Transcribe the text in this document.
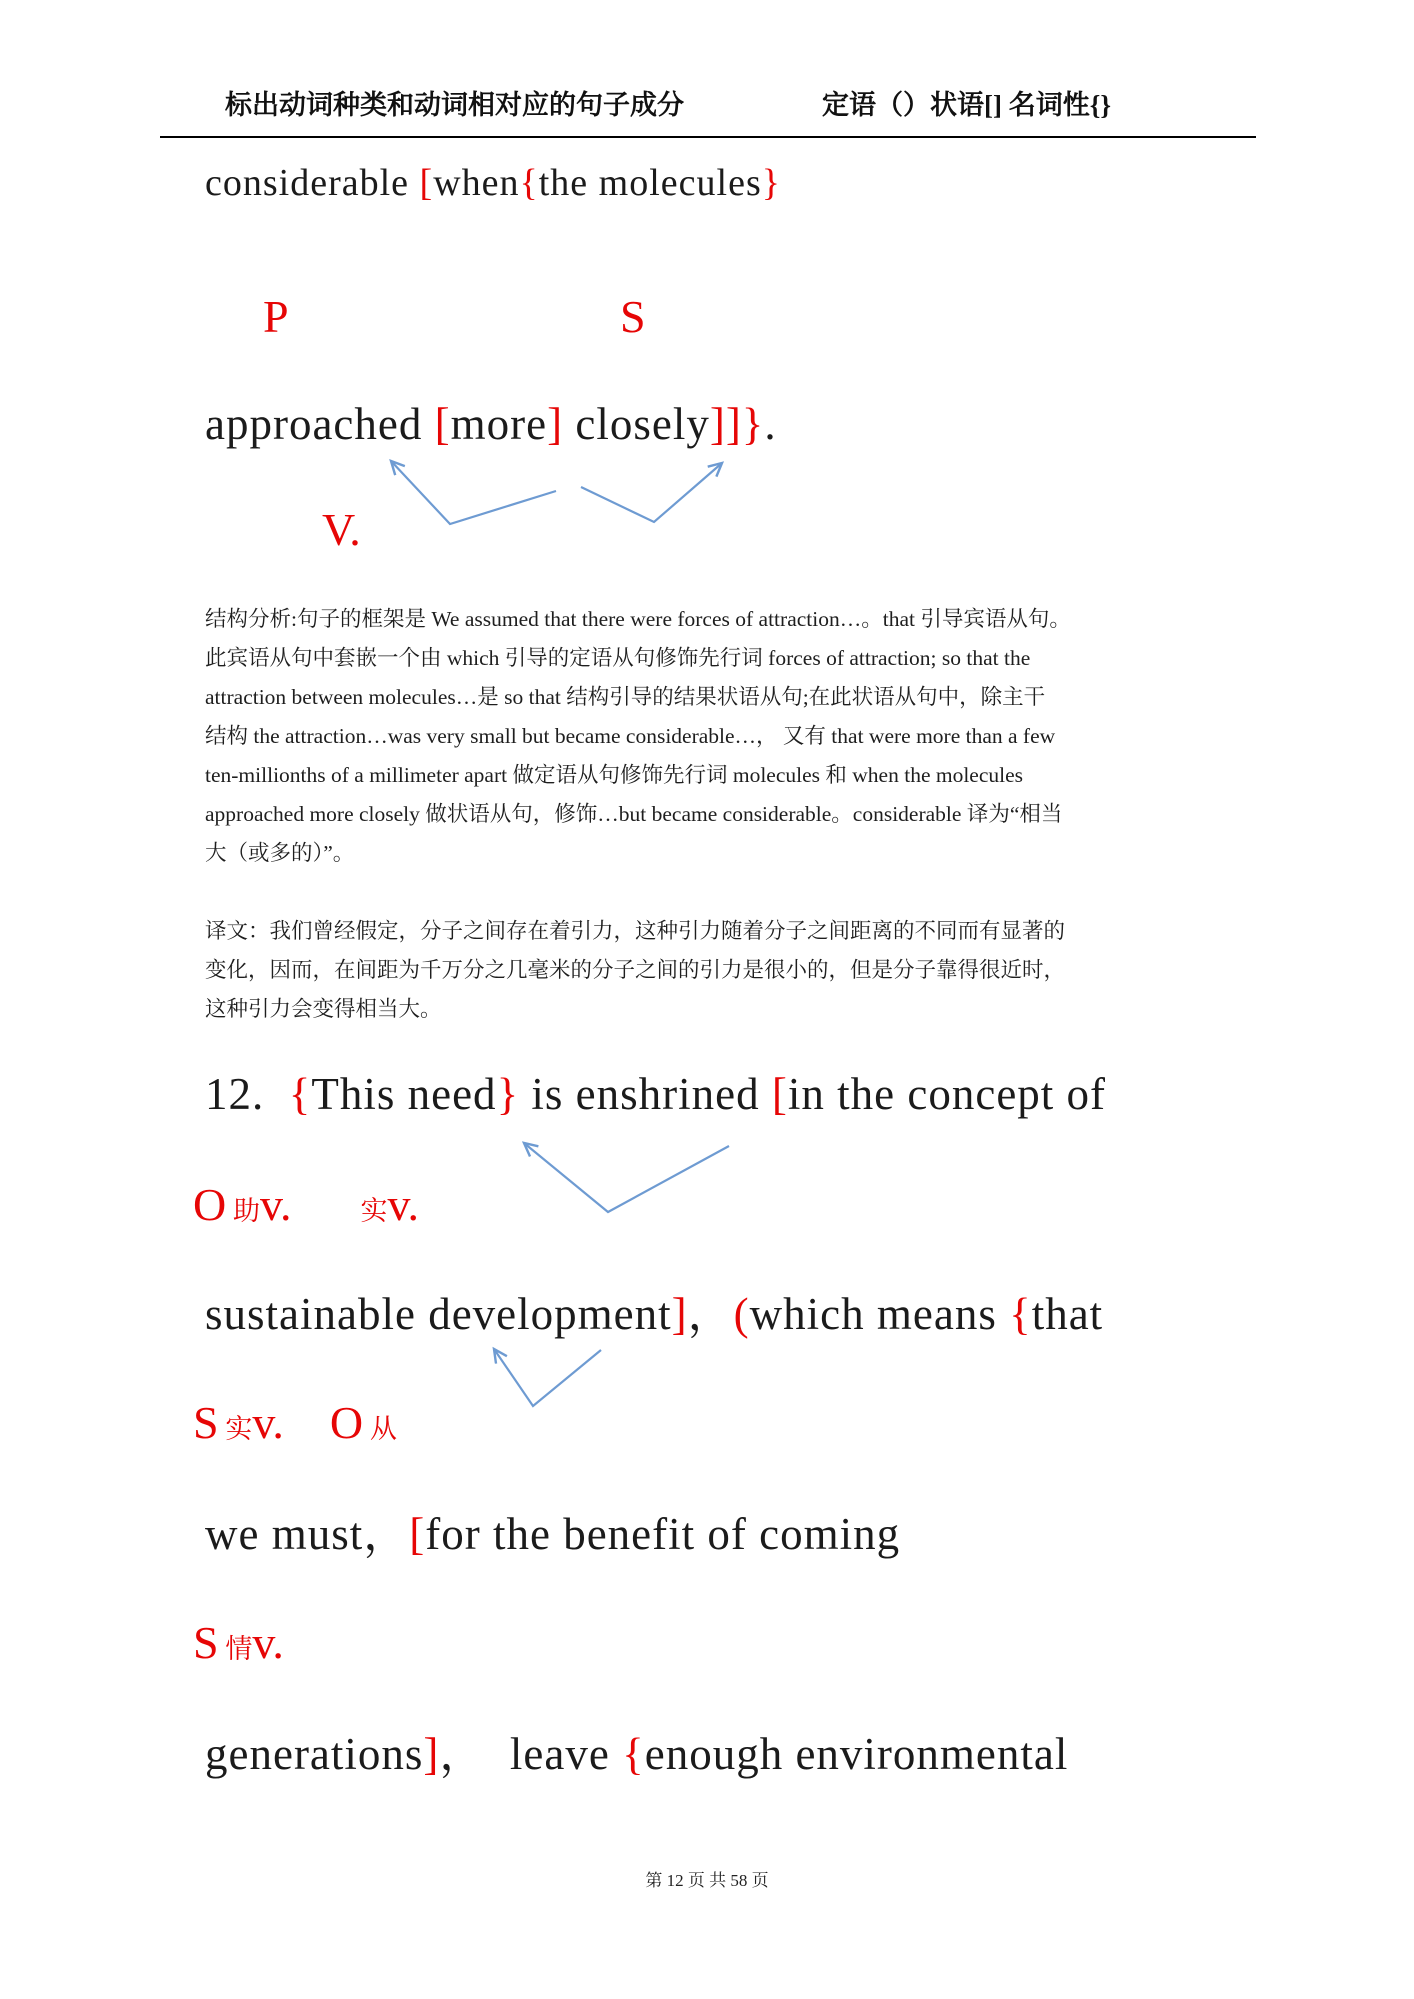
标出动词种类和动词相对应的句子成分	定语（）状语[] 名词性{}
considerable [when{the molecules}
P	S
approached [more] closely]]}.
V.
结构分析:句子的框架是 We assumed that there were forces of attraction…。that 引导宾语从句。
此宾语从句中套嵌一个由 which 引导的定语从句修饰先行词 forces of attraction; so that the
attraction between molecules…是 so that 结构引导的结果状语从句;在此状语从句中，除主干
结构 the attraction…was very small but became considerable…， 又有 that were more than a few
ten-millionths of a millimeter apart 做定语从句修饰先行词 molecules 和 when the molecules
approached more closely 做状语从句，修饰…but became considerable。considerable 译为“相当
大（或多的）”。
译文：我们曾经假定，分子之间存在着引力，这种引力随着分子之间距离的不同而有显著的
变化，因而，在间距为千万分之几毫米的分子之间的引力是很小的，但是分子靠得很近时，
这种引力会变得相当大。
12.  {This need} is enshrined [in the concept of
O 助v.	实v.
sustainable development]，(which means {that
S 实v. O 从
we must，[for the benefit of coming
S 情v.
generations]，  leave {enough environmental
第 12 页 共 58 页
